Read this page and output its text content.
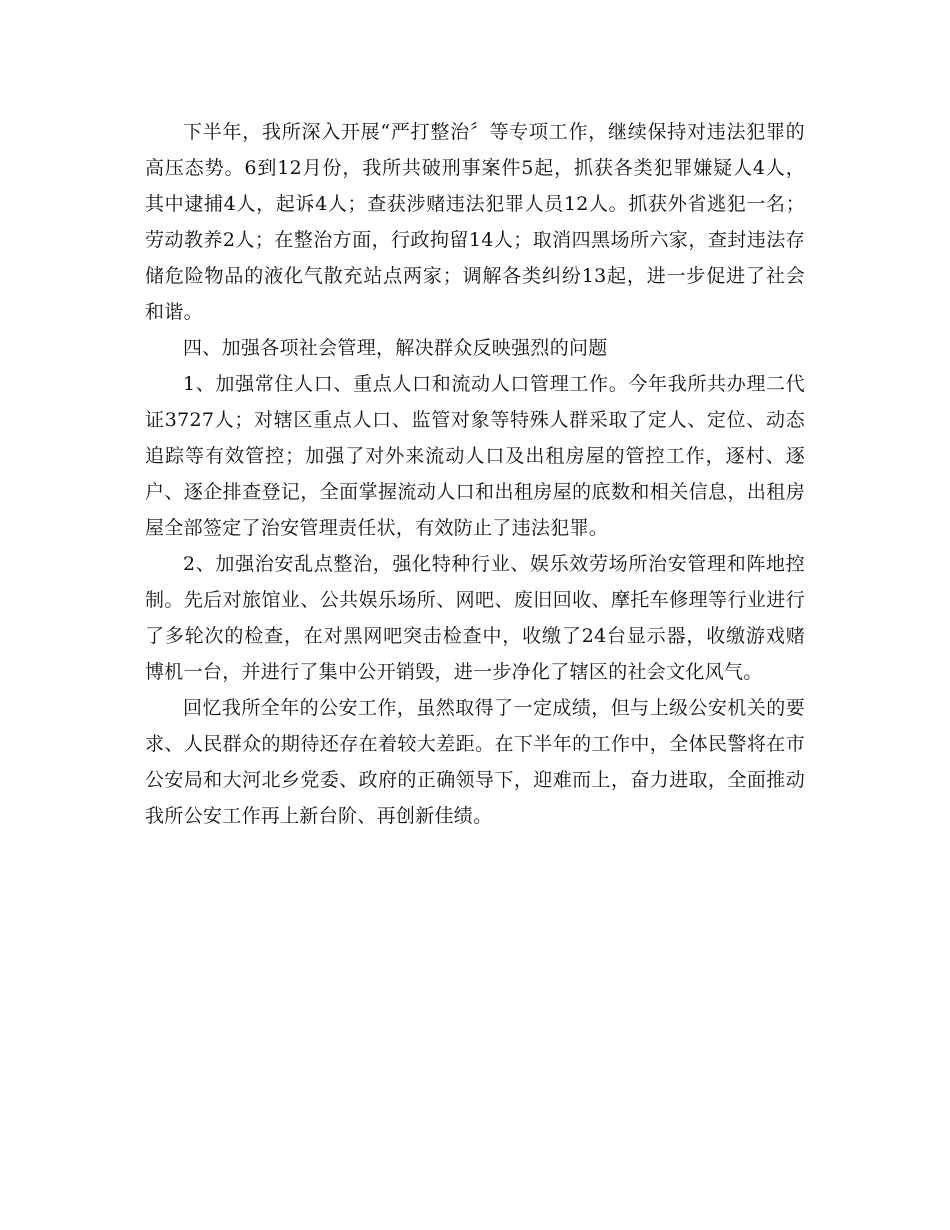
下半年，我所深入开展“严打整治〞等专项工作，继续保持对违法犯罪的高压态势。6到12月份，我所共破刑事案件5起，抓获各类犯罪嫌疑人4人，其中逮捕4人，起诉4人；查获涉赌违法犯罪人员12人。抓获外省逃犯一名；劳动教养2人；在整治方面，行政拘留14人；取消四黑场所六家，查封违法存储危险物品的液化气散充站点两家；调解各类纠纷13起，进一步促进了社会和谐。

四、加强各项社会管理，解决群众反映强烈的问题

1、加强常住人口、重点人口和流动人口管理工作。今年我所共办理二代证3727人；对辖区重点人口、监管对象等特殊人群采取了定人、定位、动态追踪等有效管控；加强了对外来流动人口及出租房屋的管控工作，逐村、逐户、逐企排查登记，全面掌握流动人口和出租房屋的底数和相关信息，出租房屋全部签定了治安管理责任状，有效防止了违法犯罪。

2、加强治安乱点整治，强化特种行业、娱乐效劳场所治安管理和阵地控制。先后对旅馆业、公共娱乐场所、网吧、废旧回收、摩托车修理等行业进行了多轮次的检查，在对黑网吧突击检查中，收缴了24台显示器，收缴游戏赌博机一台，并进行了集中公开销毁，进一步净化了辖区的社会文化风气。

回忆我所全年的公安工作，虽然取得了一定成绩，但与上级公安机关的要求、人民群众的期待还存在着较大差距。在下半年的工作中，全体民警将在市公安局和大河北乡党委、政府的正确领导下，迎难而上，奋力进取，全面推动我所公安工作再上新台阶、再创新佳绩。
